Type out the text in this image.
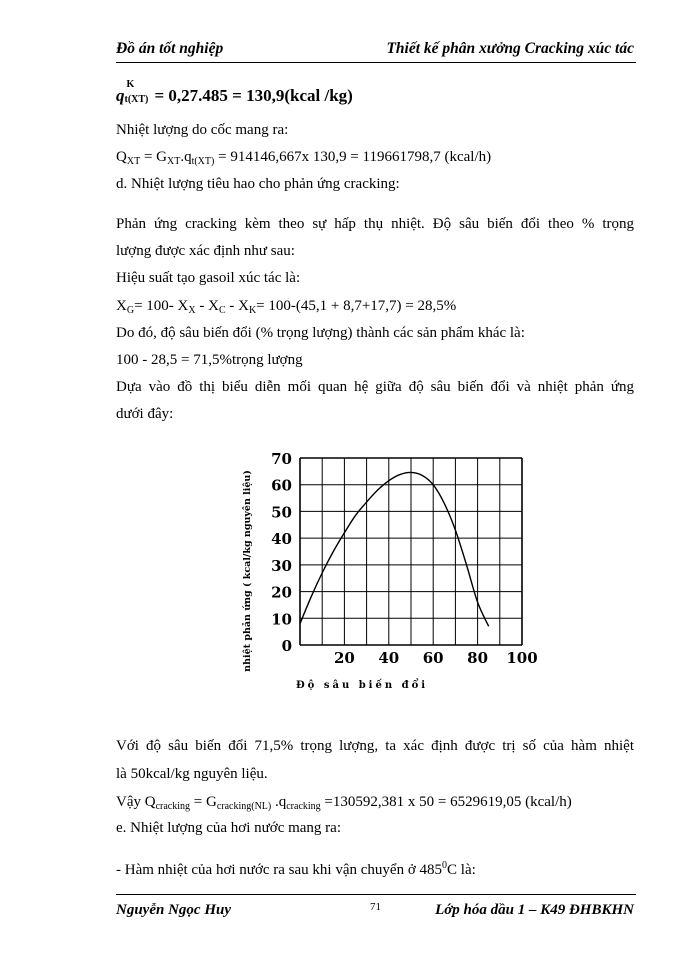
Đồ án tốt nghiệp	Thiết kế phân xưởng Cracking xúc tác
q
K
t(XT) = 0,27.485 = 130,9(kcal /kg)
Nhiệt lượng do cốc mang ra:
$Q_{XT} = G_{XT}.q_{t(XT)} = 914146,667x$ 130,9 = 119661798,7 (kcal/h)
d. Nhiệt lượng tiêu hao cho phản ứng cracking:
Phản ứng cracking kèm theo sự hấp thụ nhiệt. Độ sâu biến đổi theo % trọng
lượng được xác định như sau:
Hiệu suất tạo gasoil xúc tác là:
$X_G= 100-$ $X_X - X_C - X_K= 100-(45,1 + 8,7+17,7) = 28,5\%$
Do đó, độ sâu biến đổi (% trọng lượng) thành các sản phẩm khác là:
100 - 28,5 = 71,5%trọng lượng
Dựa vào đồ thị biểu diễn mối quan hệ giữa độ sâu biến đổi và nhiệt phản ứng
dưới đây:
0
10
20
30
40
50
60
70
20 40 60 80 100
nhiệt phản ứng ( kcal/kg nguyên liệu)
Độ sâu biến đổi
Với độ sâu biến đổi 71,5% trọng lượng, ta xác định được trị số của hàm nhiệt
là 50kcal/kg nguyên liệu.
Vậy $Q_{cracking} = G_{cracking(NL)}$ $.q_{cracking} =130592,381$ x 50 = 6529619,05 (kcal/h)
e. Nhiệt lượng của hơi nước mang ra:
- Hàm nhiệt của hơi nước ra sau khi vận chuyển ở $485^0C$ là:
Nguyễn Ngọc Huy	71	Lớp hóa dầu 1 – K49 ĐHBKHN
